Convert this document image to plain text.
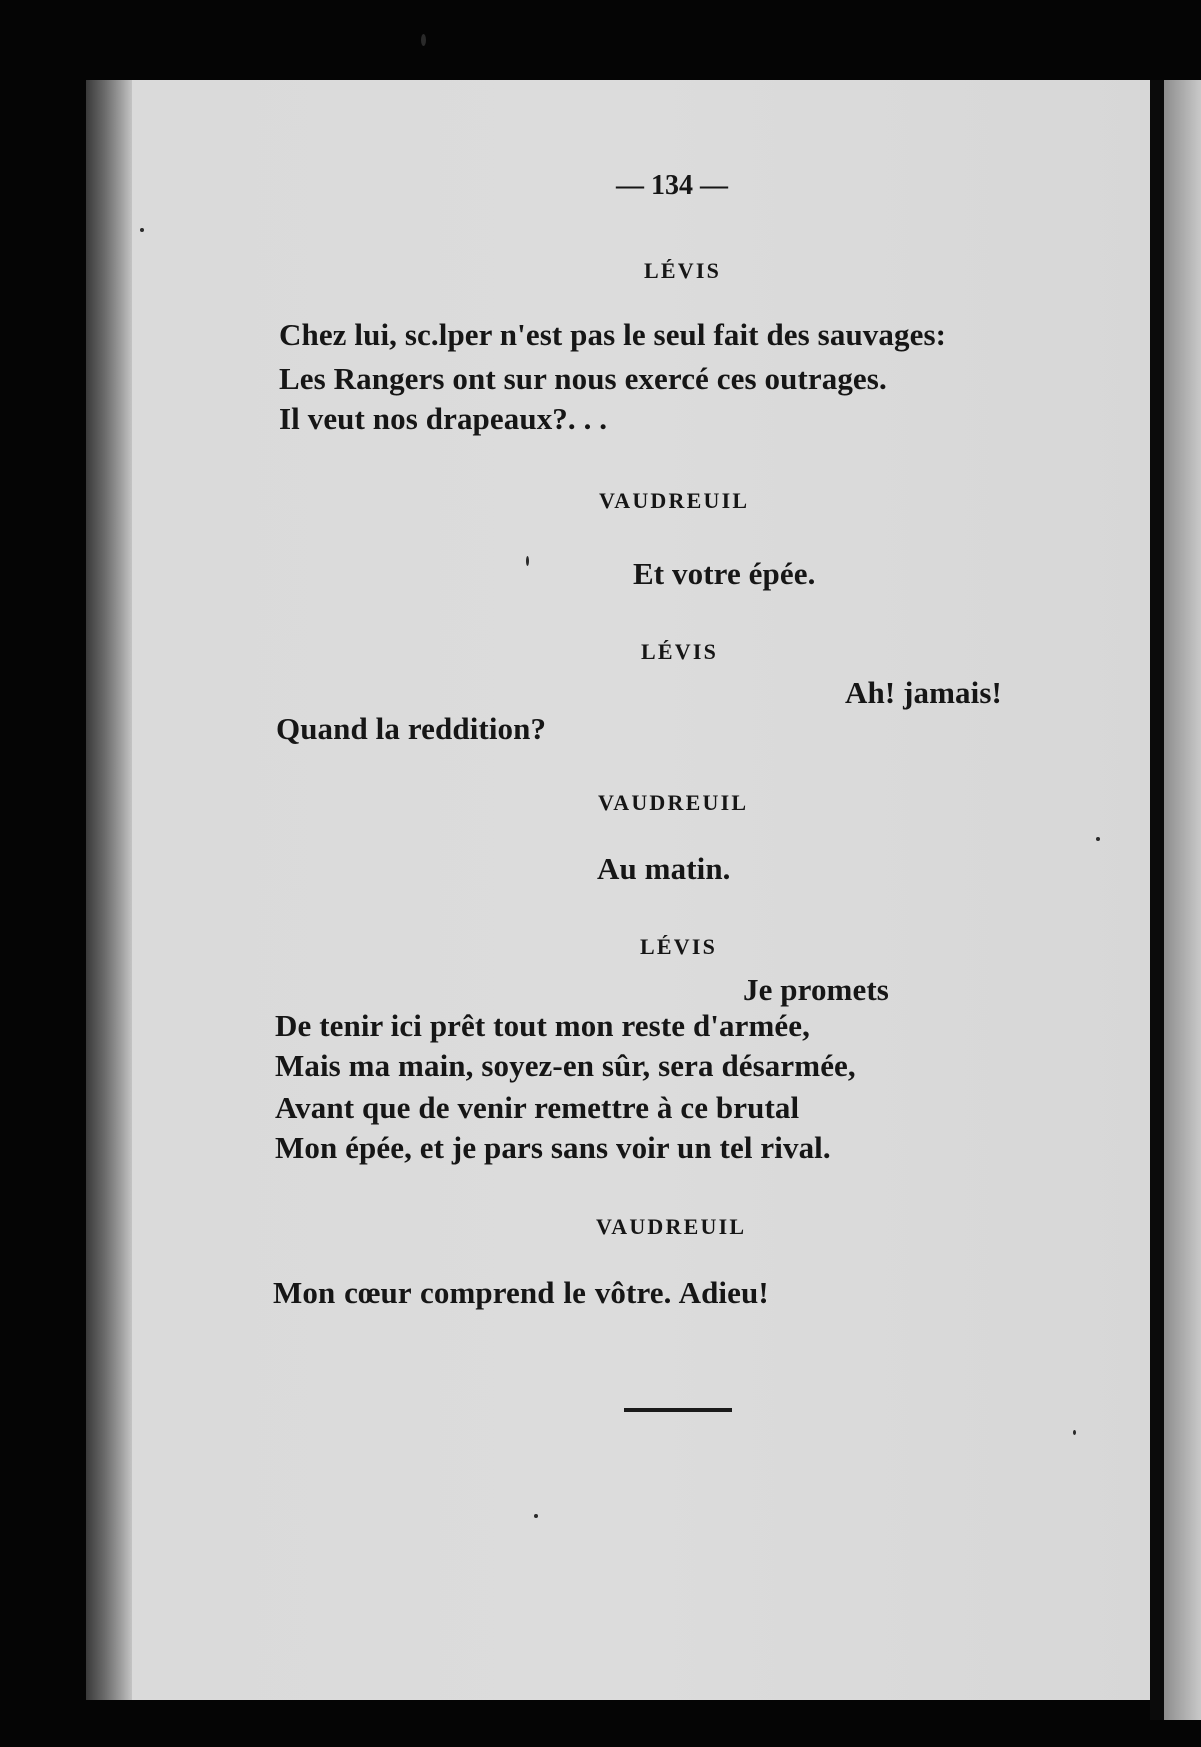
— 134 —
LÉVIS
Chez lui, sc.lper n'est pas le seul fait des sauvages:
Les Rangers ont sur nous exercé ces outrages.
Il veut nos drapeaux?. . .
VAUDREUIL
Et votre épée.
LÉVIS
Ah! jamais!
Quand la reddition?
VAUDREUIL
Au matin.
LÉVIS
Je promets
De tenir ici prêt tout mon reste d'armée,
Mais ma main, soyez-en sûr, sera désarmée,
Avant que de venir remettre à ce brutal
Mon épée, et je pars sans voir un tel rival.
VAUDREUIL
Mon cœur comprend le vôtre. Adieu!
